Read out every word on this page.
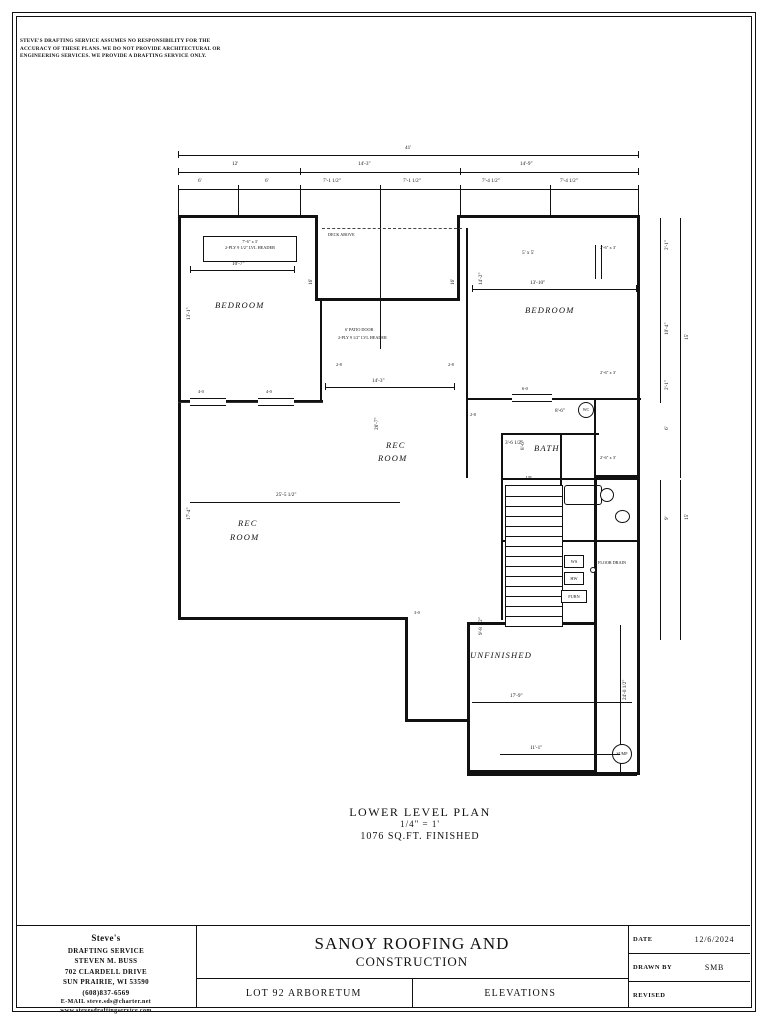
STEVE'S DRAFTING SERVICE ASSUMES NO RESPONSIBILITY FOR THE ACCURACY OF THESE PLANS. WE DO NOT PROVIDE ARCHITECTURAL OR ENGINEERING SERVICES. WE PROVIDE A DRAFTING SERVICE ONLY.
41'
12'	14'-3"	14'-9"
6'	6'	7'-1 1/2"	7'-1 1/2"	7'-4 1/2"	7'-4 1/2"
UP
4-0	4-0
6-0
DECK ABOVE
7'-6" x 3'
2-PLY 9 1/2" LVL HEADER
10'-7"
6' PATIO DOOR
2-PLY 9 1/2" LVL HEADER
14'-3"
16'	16'
BEDROOM	BEDROOM
REC
ROOM
REC
ROOM
BATH
UNFINISHED
5' x 5'
13'-10"
14'-2"
2'-6" x 3'
2'-6" x 3'
2'-6" x 3'
2'-1"
10'-4"
15'
2'-1"
6'
9'	15'
24'-0 1/2"
13'-1"
17'-4"
28'-7"
25'-5 1/2"
3'-6 1/2"
8'-6"
8'-6"	WC
WS
HW
FURN
FLOOR DRAIN
SUMP
2-8	2-8
2-8
3-0
9'-8 1/2"
17'-9"
11'-1"
LOWER LEVEL PLAN
1/4" = 1'
1076 SQ.FT. FINISHED
Steve's
DRAFTING SERVICE
STEVEN M. BUSS
702 CLARDELL DRIVE
SUN PRAIRIE, WI 53590
(608)837-6569
E-MAIL steve.sds@charter.net
www.stevesdraftingservice.com
SANOY ROOFING AND
CONSTRUCTION
LOT 92 ARBORETUM	ELEVATIONS
DATE	12/6/2024
DRAWN BY	SMB
REVISED
